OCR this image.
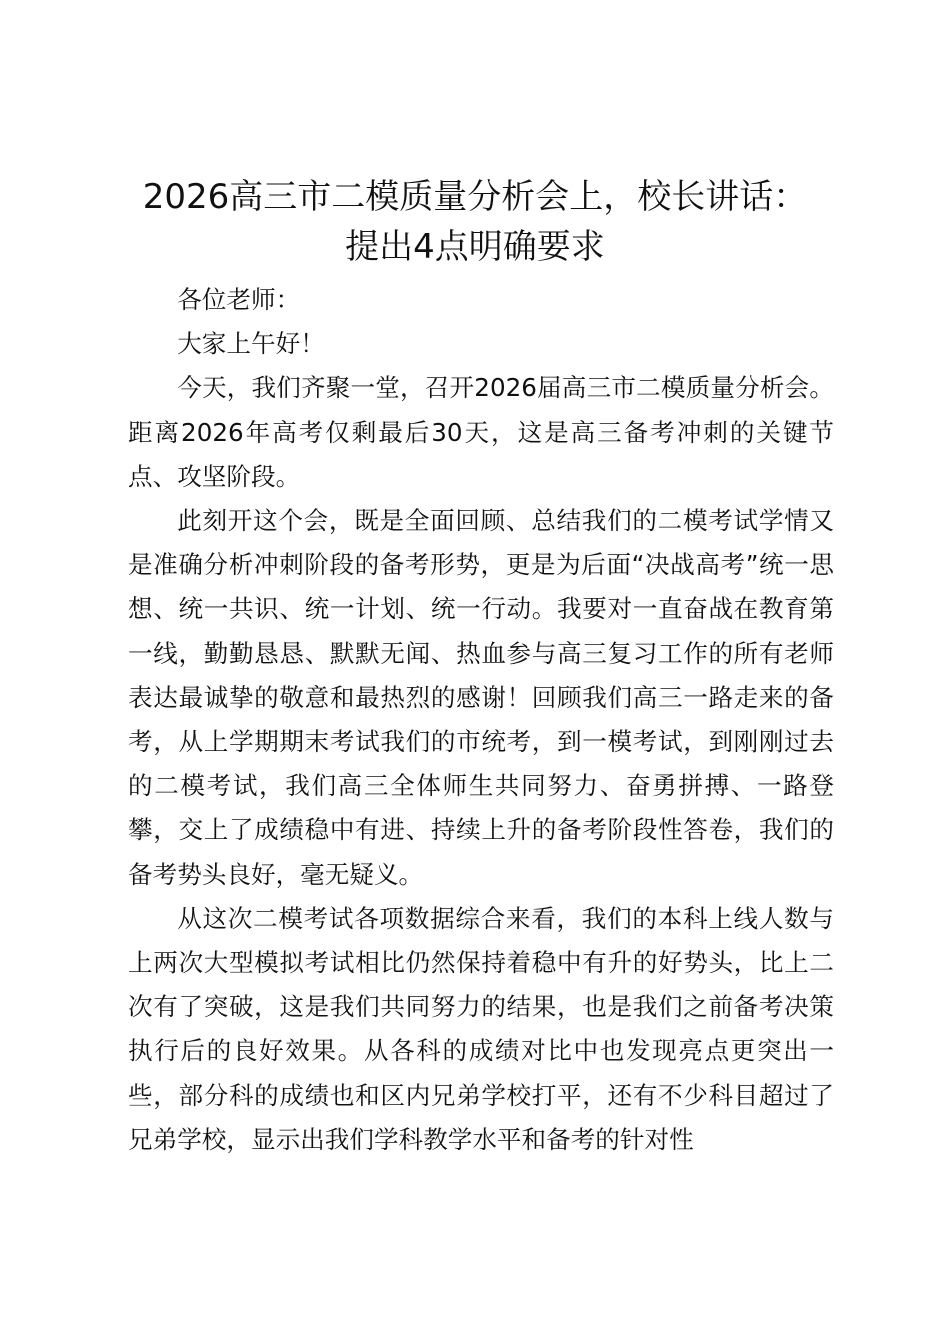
2026高三市二模质量分析会上，校长讲话：
提出4点明确要求

各位老师：

大家上午好！

今天，我们齐聚一堂，召开2026届高三市二模质量分析会。距离2026年高考仅剩最后30天，这是高三备考冲刺的关键节点、攻坚阶段。

此刻开这个会，既是全面回顾、总结我们的二模考试学情又是准确分析冲刺阶段的备考形势，更是为后面“决战高考”统一思想、统一共识、统一计划、统一行动。我要对一直奋战在教育第一线，勤勤恳恳、默默无闻、热血参与高三复习工作的所有老师表达最诚挚的敬意和最热烈的感谢！回顾我们高三一路走来的备考，从上学期期末考试我们的市统考，到一模考试，到刚刚过去的二模考试，我们高三全体师生共同努力、奋勇拼搏、一路登攀，交上了成绩稳中有进、持续上升的备考阶段性答卷，我们的备考势头良好，毫无疑义。

从这次二模考试各项数据综合来看，我们的本科上线人数与上两次大型模拟考试相比仍然保持着稳中有升的好势头，比上二次有了突破，这是我们共同努力的结果，也是我们之前备考决策执行后的良好效果。从各科的成绩对比中也发现亮点更突出一些，部分科的成绩也和区内兄弟学校打平，还有不少科目超过了兄弟学校，显示出我们学科教学水平和备考的针对性
